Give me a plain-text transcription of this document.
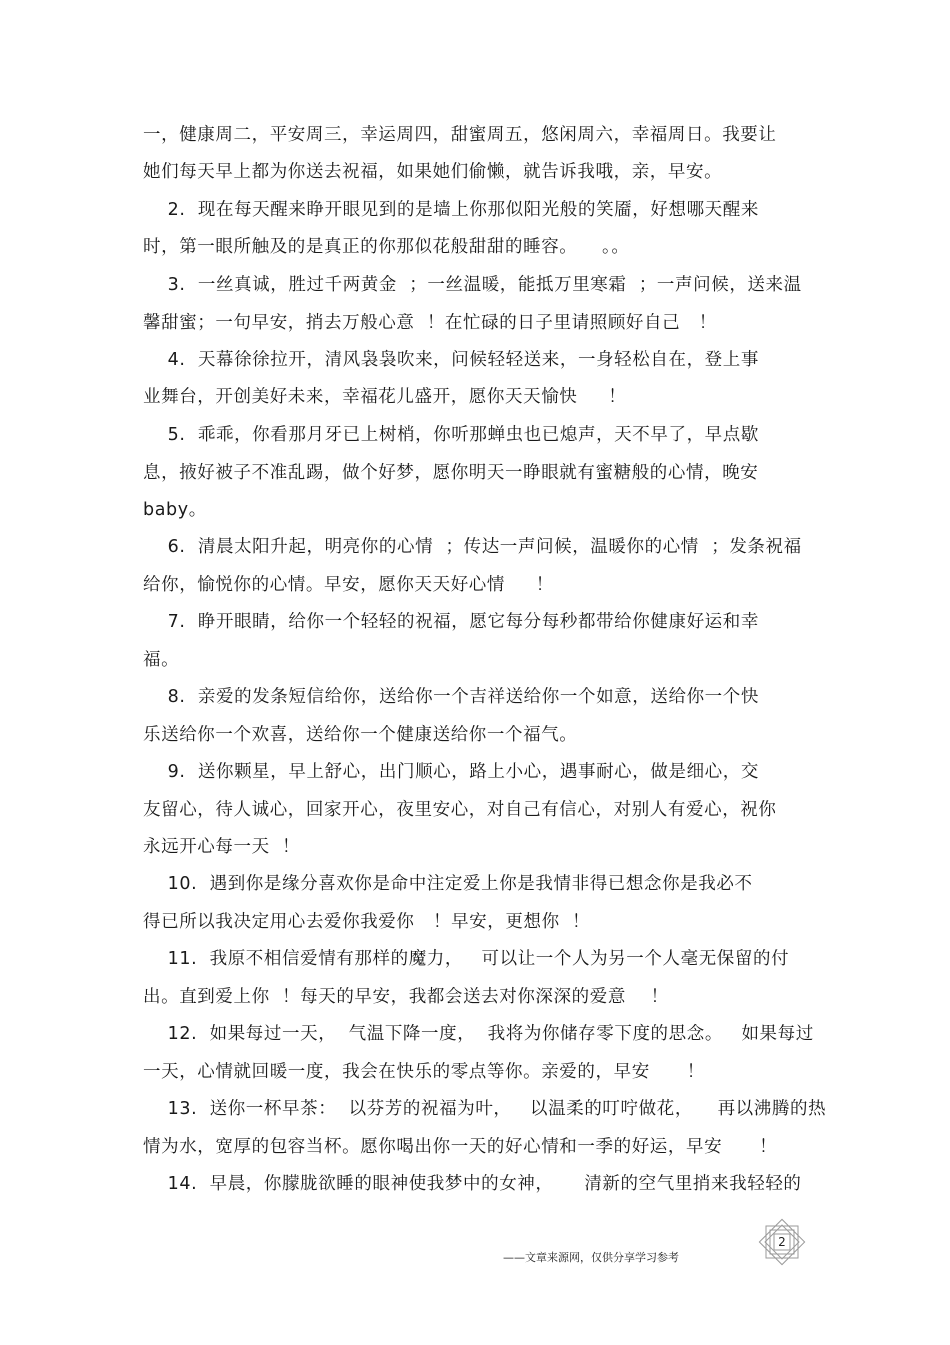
一，健康周二，平安周三，幸运周四，甜蜜周五，悠闲周六，幸福周日。我要让
她们每天早上都为你送去祝福，如果她们偷懒，就告诉我哦，亲，早安。
2.  现在每天醒来睁开眼见到的是墙上你那似阳光般的笑靥，好想哪天醒来
时，第一眼所触及的是真正的你那似花般甜甜的睡容。    。。
3.  一丝真诚，胜过千两黄金  ；一丝温暖，能抵万里寒霜  ；一声问候，送来温
馨甜蜜；一句早安，捎去万般心意  ！在忙碌的日子里请照顾好自己   ！
4.  天幕徐徐拉开，清风袅袅吹来，问候轻轻送来，一身轻松自在，登上事
业舞台，开创美好未来，幸福花儿盛开，愿你天天愉快     ！
5.  乖乖，你看那月牙已上树梢，你听那蝉虫也已熄声，天不早了，早点歇
息，掖好被子不准乱踢，做个好梦，愿你明天一睁眼就有蜜糖般的心情，晚安
baby。
6.  清晨太阳升起，明亮你的心情  ；传达一声问候，温暖你的心情  ；发条祝福
给你，愉悦你的心情。早安，愿你天天好心情     ！
7.  睁开眼睛，给你一个轻轻的祝福，愿它每分每秒都带给你健康好运和幸
福。
8.  亲爱的发条短信给你，送给你一个吉祥送给你一个如意，送给你一个快
乐送给你一个欢喜，送给你一个健康送给你一个福气。
9.  送你颗星，早上舒心，出门顺心，路上小心，遇事耐心，做是细心，交
友留心，待人诚心，回家开心，夜里安心，对自己有信心，对别人有爱心，祝你
永远开心每一天  ！
10.  遇到你是缘分喜欢你是命中注定爱上你是我情非得已想念你是我必不
得已所以我决定用心去爱你我爱你   ！早安，更想你  ！
11.  我原不相信爱情有那样的魔力，   可以让一个人为另一个人毫无保留的付
出。直到爱上你  ！每天的早安，我都会送去对你深深的爱意    ！
12.  如果每过一天，  气温下降一度，  我将为你储存零下度的思念。   如果每过
一天，心情就回暖一度，我会在快乐的零点等你。亲爱的，早安      ！
13.  送你一杯早茶：  以芬芳的祝福为叶，   以温柔的叮咛做花，    再以沸腾的热
情为水，宽厚的包容当杯。愿你喝出你一天的好心情和一季的好运，早安      ！
14.  早晨，你朦胧欲睡的眼神使我梦中的女神，     清新的空气里捎来我轻轻的
2
——文章来源网，仅供分享学习参考
